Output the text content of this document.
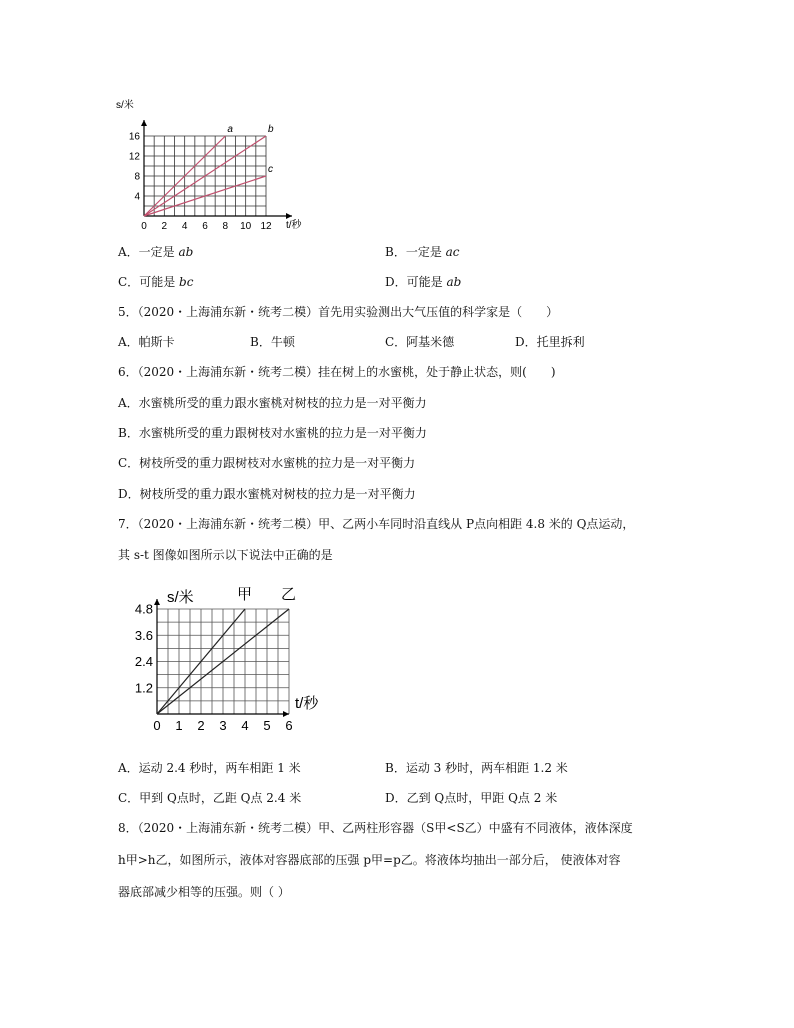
0 2 4 6 8 10 12
4
8
12
16
a	b
c
s/米
t/秒
A．一定是 ab	B．一定是 ac
C．可能是 bc	D．可能是 ab
5．（2020・上海浦东新・统考二模）首先用实验测出大气压值的科学家是（　　）
A．帕斯卡	B．牛顿	C．阿基米德	D．托里拆利
6．（2020・上海浦东新・统考二模）挂在树上的水蜜桃，处于静止状态，则(　　)
A．水蜜桃所受的重力跟水蜜桃对树枝的拉力是一对平衡力
B．水蜜桃所受的重力跟树枝对水蜜桃的拉力是一对平衡力
C．树枝所受的重力跟树枝对水蜜桃的拉力是一对平衡力
D．树枝所受的重力跟水蜜桃对树枝的拉力是一对平衡力
7．（2020・上海浦东新・统考二模）甲、乙两小车同时沿直线从 P点向相距 4.8 米的 Q点运动，
其 s-t 图像如图所示以下说法中正确的是
0 1 2 3 4 5 6
1.2
2.4
3.6
4.8
甲 乙
s/米
t/秒
A．运动 2.4 秒时，两车相距 1 米	B．运动 3 秒时，两车相距 1.2 米
C．甲到 Q点时，乙距 Q点 2.4 米	D．乙到 Q点时，甲距 Q点 2 米
8．（2020・上海浦东新・统考二模）甲、乙两柱形容器（S甲<S乙）中盛有不同液体，液体深度
h甲>h乙，如图所示，液体对容器底部的压强 p甲=p乙。将液体均抽出一部分后， 使液体对容
器底部减少相等的压强。则（ ）
